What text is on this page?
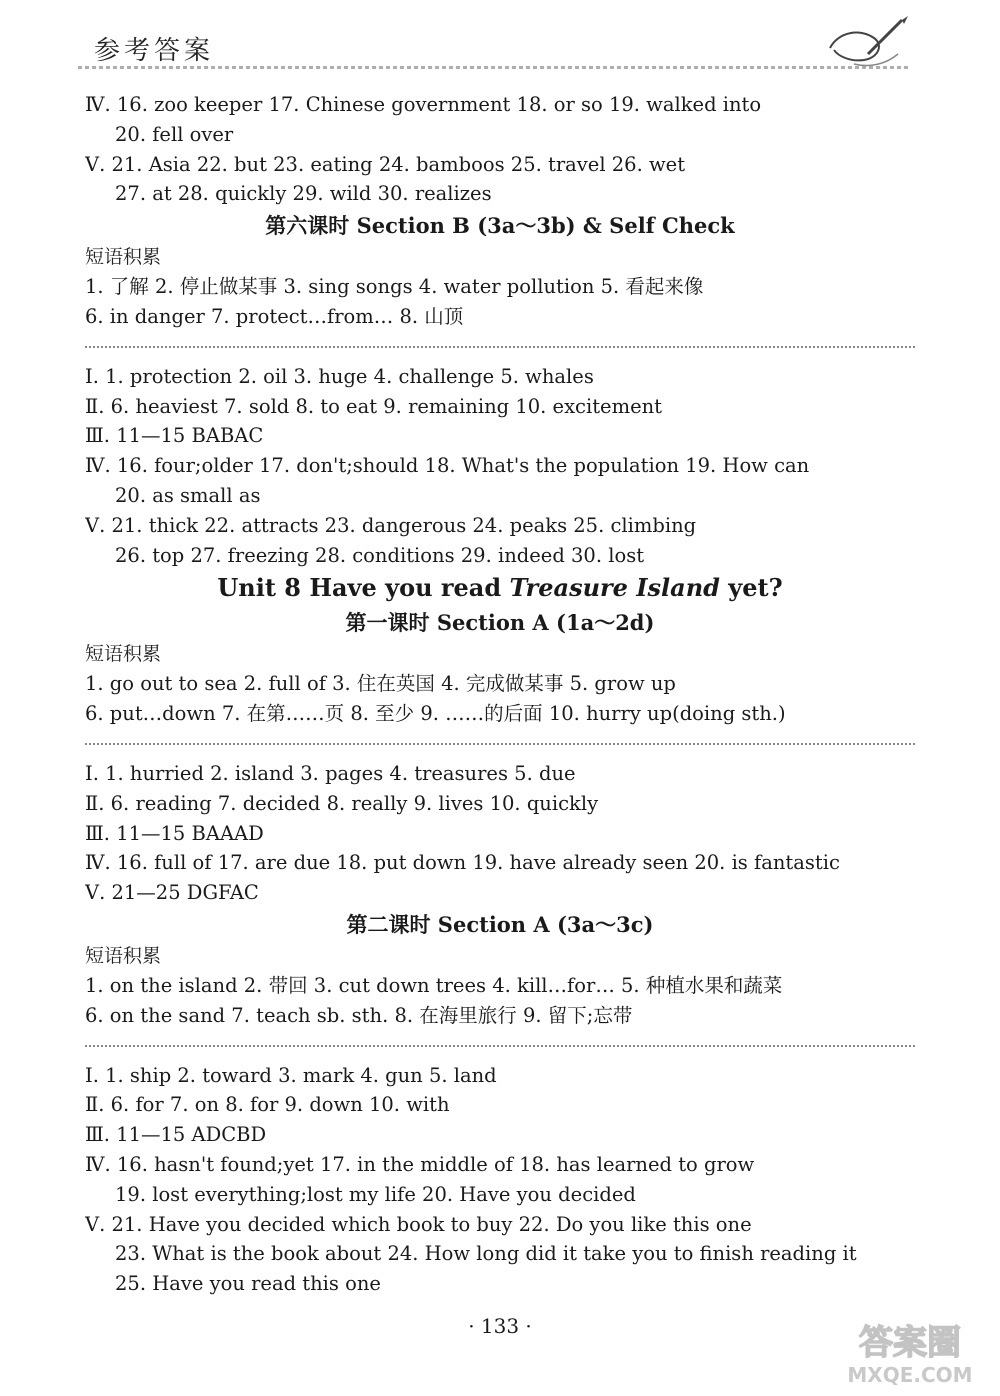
参考答案
Ⅳ. 16. zoo keeper 17. Chinese government 18. or so 19. walked into
20. fell over
Ⅴ. 21. Asia 22. but 23. eating 24. bamboos 25. travel 26. wet
27. at 28. quickly 29. wild 30. realizes
第六课时 Section B (3a～3b) & Self Check
短语积累
1. 了解 2. 停止做某事 3. sing songs 4. water pollution 5. 看起来像
6. in danger 7. protect…from… 8. 山顶
Ⅰ. 1. protection 2. oil 3. huge 4. challenge 5. whales
Ⅱ. 6. heaviest 7. sold 8. to eat 9. remaining 10. excitement
Ⅲ. 11—15 BABAC
Ⅳ. 16. four;older 17. don't;should 18. What's the population 19. How can
20. as small as
Ⅴ. 21. thick 22. attracts 23. dangerous 24. peaks 25. climbing
26. top 27. freezing 28. conditions 29. indeed 30. lost
Unit 8 Have you read Treasure Island yet?
第一课时 Section A (1a～2d)
短语积累
1. go out to sea 2. full of 3. 住在英国 4. 完成做某事 5. grow up
6. put…down 7. 在第……页 8. 至少 9. ……的后面 10. hurry up(doing sth.)
Ⅰ. 1. hurried 2. island 3. pages 4. treasures 5. due
Ⅱ. 6. reading 7. decided 8. really 9. lives 10. quickly
Ⅲ. 11—15 BAAAD
Ⅳ. 16. full of 17. are due 18. put down 19. have already seen 20. is fantastic
Ⅴ. 21—25 DGFAC
第二课时 Section A (3a～3c)
短语积累
1. on the island 2. 带回 3. cut down trees 4. kill…for… 5. 种植水果和蔬菜
6. on the sand 7. teach sb. sth. 8. 在海里旅行 9. 留下;忘带
Ⅰ. 1. ship 2. toward 3. mark 4. gun 5. land
Ⅱ. 6. for 7. on 8. for 9. down 10. with
Ⅲ. 11—15 ADCBD
Ⅳ. 16. hasn't found;yet 17. in the middle of 18. has learned to grow
19. lost everything;lost my life 20. Have you decided
Ⅴ. 21. Have you decided which book to buy 22. Do you like this one
23. What is the book about 24. How long did it take you to finish reading it
25. Have you read this one
· 133 ·	答案圈
MXQE.COM
